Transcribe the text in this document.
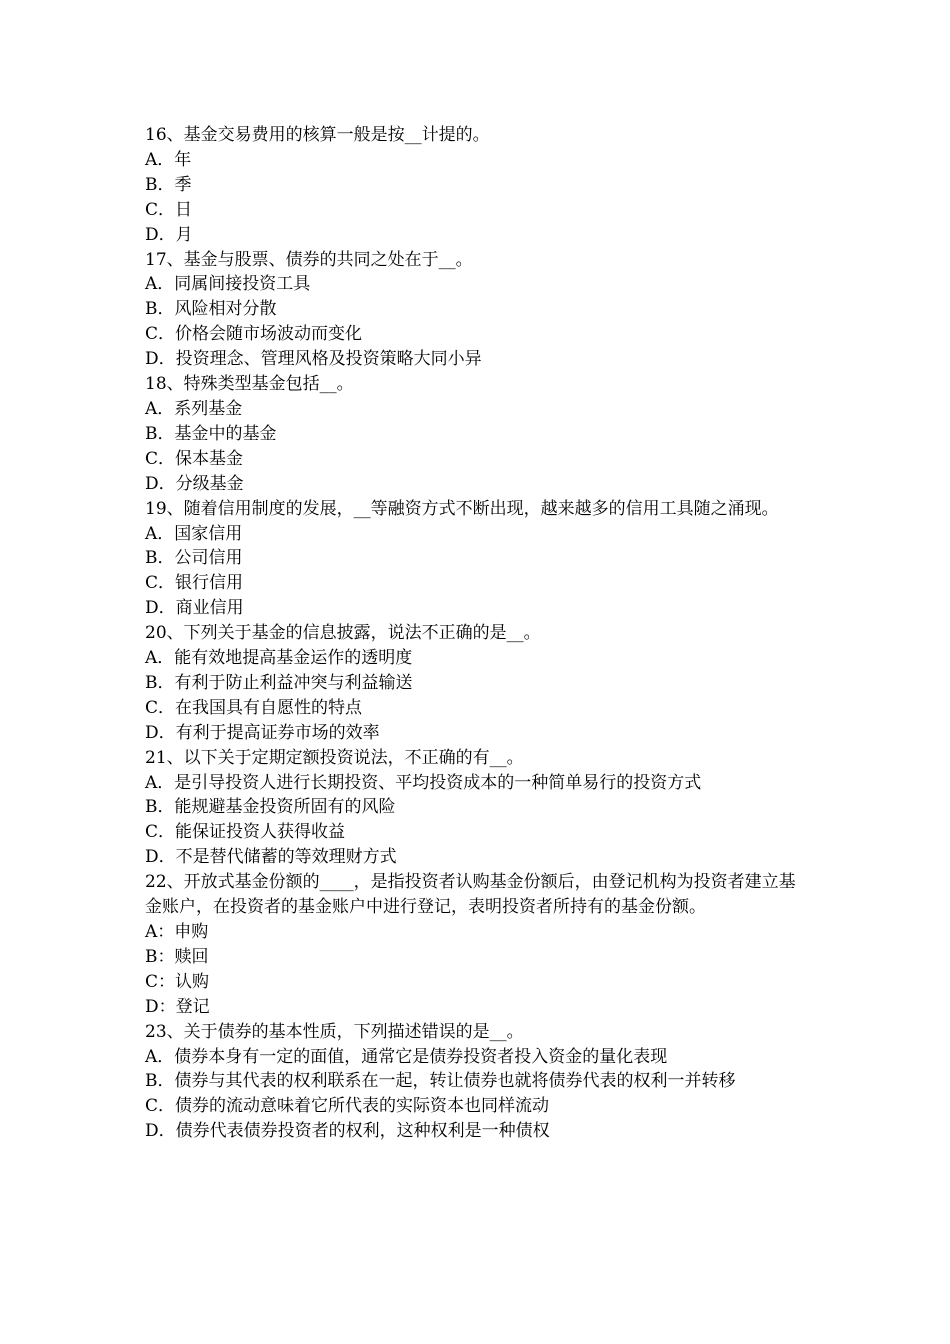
16、基金交易费用的核算一般是按__计提的。
A．年
B．季
C．日
D．月
17、基金与股票、债券的共同之处在于__。
A．同属间接投资工具
B．风险相对分散
C．价格会随市场波动而变化
D．投资理念、管理风格及投资策略大同小异
18、特殊类型基金包括__。
A．系列基金
B．基金中的基金
C．保本基金
D．分级基金
19、随着信用制度的发展，__等融资方式不断出现，越来越多的信用工具随之涌现。
A．国家信用
B．公司信用
C．银行信用
D．商业信用
20、下列关于基金的信息披露，说法不正确的是__。
A．能有效地提高基金运作的透明度
B．有利于防止利益冲突与利益输送
C．在我国具有自愿性的特点
D．有利于提高证券市场的效率
21、以下关于定期定额投资说法，不正确的有__。
A．是引导投资人进行长期投资、平均投资成本的一种简单易行的投资方式
B．能规避基金投资所固有的风险
C．能保证投资人获得收益
D．不是替代储蓄的等效理财方式
22、开放式基金份额的____，是指投资者认购基金份额后，由登记机构为投资者建立基金账户，在投资者的基金账户中进行登记，表明投资者所持有的基金份额。
A：申购
B：赎回
C：认购
D：登记
23、关于债券的基本性质，下列描述错误的是__。
A．债券本身有一定的面值，通常它是债券投资者投入资金的量化表现
B．债券与其代表的权利联系在一起，转让债券也就将债券代表的权利一并转移
C．债券的流动意味着它所代表的实际资本也同样流动
D．债券代表债券投资者的权利，这种权利是一种债权
